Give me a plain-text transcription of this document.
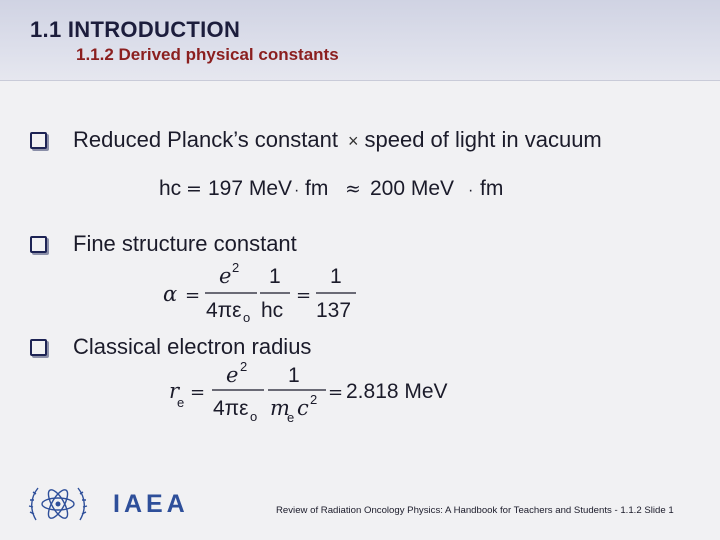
1.1 INTRODUCTION
1.1.2 Derived physical constants
Reduced Planck’s constant × speed of light in vacuum
hc = 197 MeV · fm ≈ 200 MeV · fm
Fine structure constant
α =
e 2
4πε o
1
hc
=
1
137
Classical electron radius
r
e =
e 2
4πε o
1
m
e c 2 = 2.818 MeV
IAEA	Review of Radiation Oncology Physics: A Handbook for Teachers and Students - 1.1.2 Slide 1
